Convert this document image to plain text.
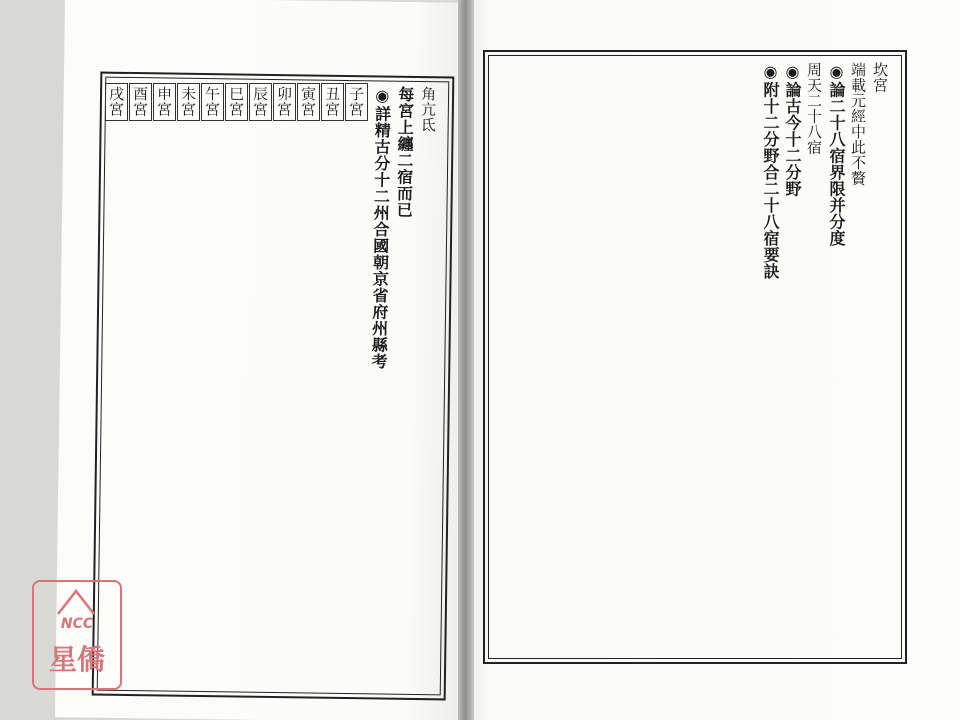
NCC
星僑
坎宮
端載元經中此不贅
◉論二十八宿界限并分度
周天二十八宿
◉論古今十二分野
◉附十二分野合二十八宿要訣
角亢氐
每宮上纏二宿而已
◉詳精古分十二州合國朝京省府州縣考
子宮
丑宮
寅宮
卯宮
辰宮
巳宮
午宮
未宮
申宮
酉宮
戌宮
